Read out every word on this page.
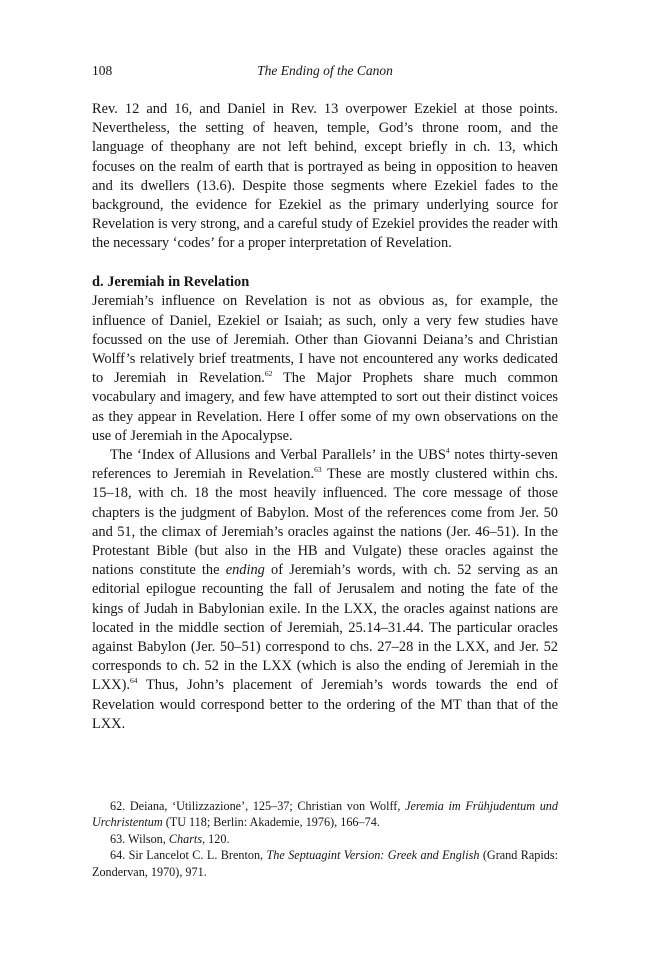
108	The Ending of the Canon

Rev. 12 and 16, and Daniel in Rev. 13 overpower Ezekiel at those points. Nevertheless, the setting of heaven, temple, God’s throne room, and the language of theophany are not left behind, except briefly in ch. 13, which focuses on the realm of earth that is portrayed as being in opposition to heaven and its dwellers (13.6). Despite those segments where Ezekiel fades to the background, the evidence for Ezekiel as the primary underlying source for Revelation is very strong, and a careful study of Ezekiel provides the reader with the necessary ‘codes’ for a proper interpretation of Revelation.

d. Jeremiah in Revelation

Jeremiah’s influence on Revelation is not as obvious as, for example, the influence of Daniel, Ezekiel or Isaiah; as such, only a very few studies have focussed on the use of Jeremiah. Other than Giovanni Deiana’s and Christian Wolff’s relatively brief treatments, I have not encountered any works dedicated to Jeremiah in Revelation.$^{62}$ The Major Prophets share much common vocabulary and imagery, and few have attempted to sort out their distinct voices as they appear in Revelation. Here I offer some of my own observations on the use of Jeremiah in the Apocalypse.

The ‘Index of Allusions and Verbal Parallels’ in the UBS$^4$ notes thirty-seven references to Jeremiah in Revelation.$^{63}$ These are mostly clustered within chs. 15–18, with ch. 18 the most heavily influenced. The core message of those chapters is the judgment of Babylon. Most of the references come from Jer. 50 and 51, the climax of Jeremiah’s oracles against the nations (Jer. 46–51). In the Protestant Bible (but also in the HB and Vulgate) these oracles against the nations constitute the ending of Jeremiah’s words, with ch. 52 serving as an editorial epilogue recounting the fall of Jerusalem and noting the fate of the kings of Judah in Babylonian exile. In the LXX, the oracles against nations are located in the middle section of Jeremiah, 25.14–31.44. The particular oracles against Babylon (Jer. 50–51) correspond to chs. 27–28 in the LXX, and Jer. 52 corresponds to ch. 52 in the LXX (which is also the ending of Jeremiah in the LXX).$^{64}$ Thus, John’s placement of Jeremiah’s words towards the end of Revelation would correspond better to the ordering of the MT than that of the LXX.

62. Deiana, ‘Utilizzazione’, 125–37; Christian von Wolff, Jeremia im Frühjudentum und Urchristentum (TU 118; Berlin: Akademie, 1976), 166–74.

63. Wilson, Charts, 120.

64. Sir Lancelot C. L. Brenton, The Septuagint Version: Greek and English (Grand Rapids: Zondervan, 1970), 971.
